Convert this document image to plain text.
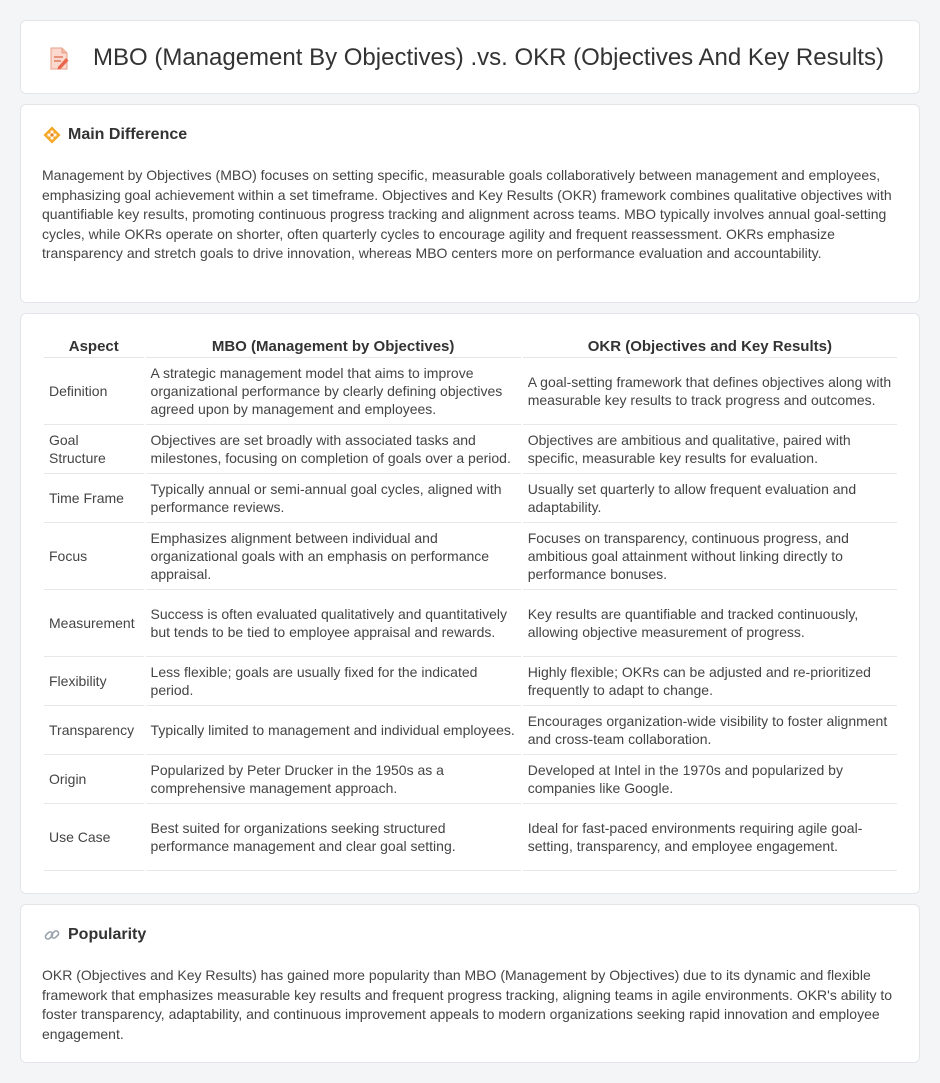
MBO (Management By Objectives) .vs. OKR (Objectives And Key Results)
Main Difference

Management by Objectives (MBO) focuses on setting specific, measurable goals collaboratively between management and employees, emphasizing goal achievement within a set timeframe. Objectives and Key Results (OKR) framework combines qualitative objectives with quantifiable key results, promoting continuous progress tracking and alignment across teams. MBO typically involves annual goal-setting cycles, while OKRs operate on shorter, often quarterly cycles to encourage agility and frequent reassessment. OKRs emphasize transparency and stretch goals to drive innovation, whereas MBO centers more on performance evaluation and accountability.

Aspect	MBO (Management by Objectives)	OKR (Objectives and Key Results)
Definition	A strategic management model that aims to improve organizational performance by clearly defining objectives agreed upon by management and employees.	A goal-setting framework that defines objectives along with measurable key results to track progress and outcomes.
Goal Structure	Objectives are set broadly with associated tasks and milestones, focusing on completion of goals over a period.	Objectives are ambitious and qualitative, paired with specific, measurable key results for evaluation.
Time Frame	Typically annual or semi-annual goal cycles, aligned with performance reviews.	Usually set quarterly to allow frequent evaluation and adaptability.
Focus	Emphasizes alignment between individual and organizational goals with an emphasis on performance appraisal.	Focuses on transparency, continuous progress, and ambitious goal attainment without linking directly to performance bonuses.
Measurement	Success is often evaluated qualitatively and quantitatively but tends to be tied to employee appraisal and rewards.	Key results are quantifiable and tracked continuously, allowing objective measurement of progress.
Flexibility	Less flexible; goals are usually fixed for the indicated period.	Highly flexible; OKRs can be adjusted and re-prioritized frequently to adapt to change.
Transparency	Typically limited to management and individual employees.	Encourages organization-wide visibility to foster alignment and cross-team collaboration.
Origin	Popularized by Peter Drucker in the 1950s as a comprehensive management approach.	Developed at Intel in the 1970s and popularized by companies like Google.
Use Case	Best suited for organizations seeking structured performance management and clear goal setting.	Ideal for fast-paced environments requiring agile goal-setting, transparency, and employee engagement.
Popularity

OKR (Objectives and Key Results) has gained more popularity than MBO (Management by Objectives) due to its dynamic and flexible framework that emphasizes measurable key results and frequent progress tracking, aligning teams in agile environments. OKR's ability to foster transparency, adaptability, and continuous improvement appeals to modern organizations seeking rapid innovation and employee engagement.
